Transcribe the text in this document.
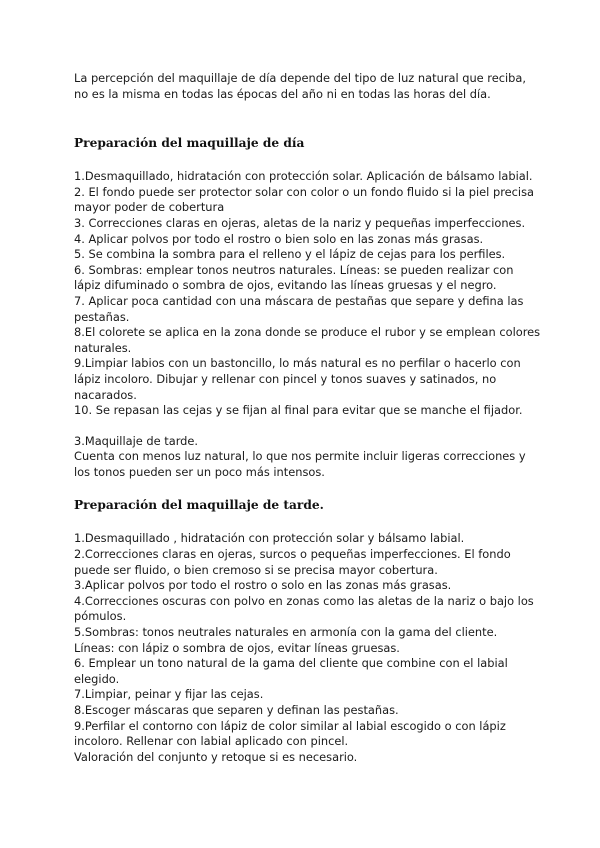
La percepción del maquillaje de día depende del tipo de luz natural que reciba,
no es la misma en todas las épocas del año ni en todas las horas del día.

Preparación del maquillaje de día

1.Desmaquillado, hidratación con protección solar. Aplicación de bálsamo labial.
2. El fondo puede ser protector solar con color o un fondo fluido si la piel precisa
mayor poder de cobertura
3. Correcciones claras en ojeras, aletas de la nariz y pequeñas imperfecciones.
4. Aplicar polvos por todo el rostro o bien solo en las zonas más grasas.
5. Se combina la sombra para el relleno y el lápiz de cejas para los perfiles.
6. Sombras: emplear tonos neutros naturales. Líneas: se pueden realizar con
lápiz difuminado o sombra de ojos, evitando las líneas gruesas y el negro.
7. Aplicar poca cantidad con una máscara de pestañas que separe y defina las
pestañas.
8.El colorete se aplica en la zona donde se produce el rubor y se emplean colores
naturales.
9.Limpiar labios con un bastoncillo, lo más natural es no perfilar o hacerlo con
lápiz incoloro. Dibujar y rellenar con pincel y tonos suaves y satinados, no
nacarados.
10. Se repasan las cejas y se fijan al final para evitar que se manche el fijador.

3.Maquillaje de tarde.
Cuenta con menos luz natural, lo que nos permite incluir ligeras correcciones y
los tonos pueden ser un poco más intensos.

Preparación del maquillaje de tarde.

1.Desmaquillado , hidratación con protección solar y bálsamo labial.
2.Correcciones claras en ojeras, surcos o pequeñas imperfecciones. El fondo
puede ser fluido, o bien cremoso si se precisa mayor cobertura.
3.Aplicar polvos por todo el rostro o solo en las zonas más grasas.
4.Correcciones oscuras con polvo en zonas como las aletas de la nariz o bajo los
pómulos.
5.Sombras: tonos neutrales naturales en armonía con la gama del cliente.
Líneas: con lápiz o sombra de ojos, evitar líneas gruesas.
6. Emplear un tono natural de la gama del cliente que combine con el labial
elegido.
7.Limpiar, peinar y fijar las cejas.
8.Escoger máscaras que separen y definan las pestañas.
9.Perfilar el contorno con lápiz de color similar al labial escogido o con lápiz
incoloro. Rellenar con labial aplicado con pincel.
Valoración del conjunto y retoque si es necesario.
